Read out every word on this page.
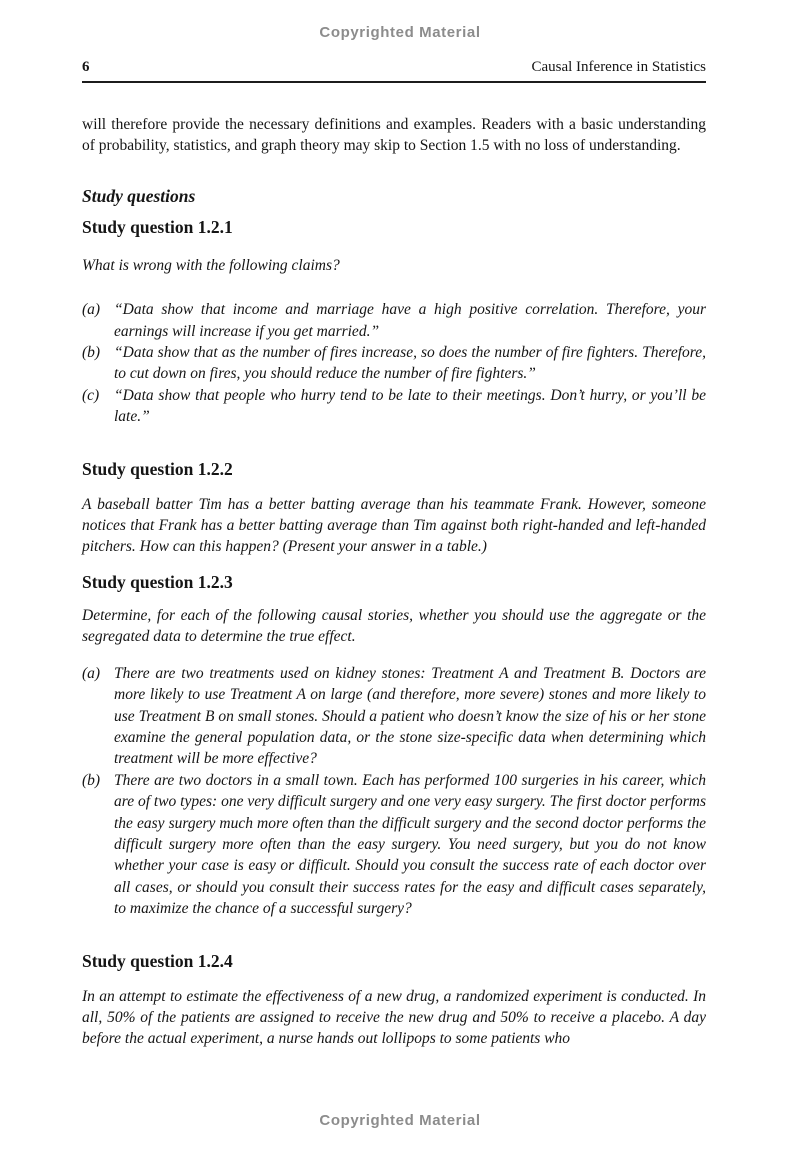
Copyrighted Material
6	Causal Inference in Statistics

will therefore provide the necessary definitions and examples. Readers with a basic understanding of probability, statistics, and graph theory may skip to Section 1.5 with no loss of understanding.

Study questions
Study question 1.2.1

What is wrong with the following claims?

(a) “Data show that income and marriage have a high positive correlation. Therefore, your earnings will increase if you get married.”
(b) “Data show that as the number of fires increase, so does the number of fire fighters. Therefore, to cut down on fires, you should reduce the number of fire fighters.”
(c) “Data show that people who hurry tend to be late to their meetings. Don’t hurry, or you’ll be late.”
Study question 1.2.2

A baseball batter Tim has a better batting average than his teammate Frank. However, someone notices that Frank has a better batting average than Tim against both right-handed and left-handed pitchers. How can this happen? (Present your answer in a table.)

Study question 1.2.3

Determine, for each of the following causal stories, whether you should use the aggregate or the segregated data to determine the true effect.

(a) There are two treatments used on kidney stones: Treatment A and Treatment B. Doctors are more likely to use Treatment A on large (and therefore, more severe) stones and more likely to use Treatment B on small stones. Should a patient who doesn’t know the size of his or her stone examine the general population data, or the stone size-specific data when determining which treatment will be more effective?
(b) There are two doctors in a small town. Each has performed 100 surgeries in his career, which are of two types: one very difficult surgery and one very easy surgery. The first doctor performs the easy surgery much more often than the difficult surgery and the second doctor performs the difficult surgery more often than the easy surgery. You need surgery, but you do not know whether your case is easy or difficult. Should you consult the success rate of each doctor over all cases, or should you consult their success rates for the easy and difficult cases separately, to maximize the chance of a successful surgery?
Study question 1.2.4

In an attempt to estimate the effectiveness of a new drug, a randomized experiment is conducted. In all, 50% of the patients are assigned to receive the new drug and 50% to receive a placebo. A day before the actual experiment, a nurse hands out lollipops to some patients who

Copyrighted Material
